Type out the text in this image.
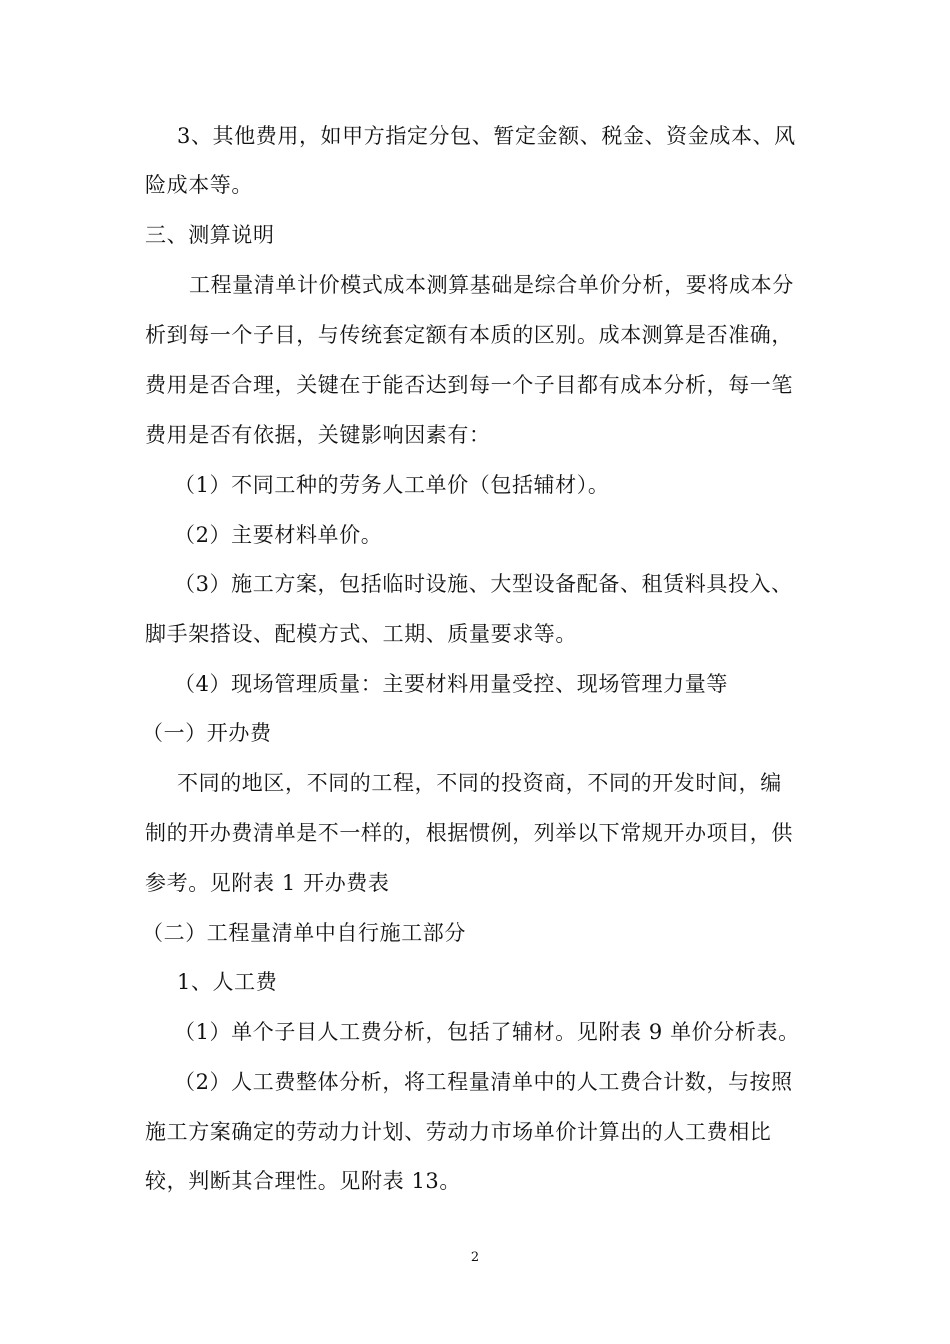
3、其他费用，如甲方指定分包、暂定金额、税金、资金成本、风
险成本等。
三、测算说明
工程量清单计价模式成本测算基础是综合单价分析，要将成本分
析到每一个子目，与传统套定额有本质的区别。成本测算是否准确，
费用是否合理，关键在于能否达到每一个子目都有成本分析，每一笔
费用是否有依据，关键影响因素有：
（1）不同工种的劳务人工单价（包括辅材）。
（2）主要材料单价。
（3）施工方案，包括临时设施、大型设备配备、租赁料具投入、
脚手架搭设、配模方式、工期、质量要求等。
（4）现场管理质量：主要材料用量受控、现场管理力量等
（一）开办费
不同的地区，不同的工程，不同的投资商，不同的开发时间，编
制的开办费清单是不一样的，根据惯例，列举以下常规开办项目，供
参考。见附表 1 开办费表
（二）工程量清单中自行施工部分
1、人工费
（1）单个子目人工费分析，包括了辅材。见附表 9 单价分析表。
（2）人工费整体分析，将工程量清单中的人工费合计数，与按照
施工方案确定的劳动力计划、劳动力市场单价计算出的人工费相比
较，判断其合理性。见附表 13。
2
